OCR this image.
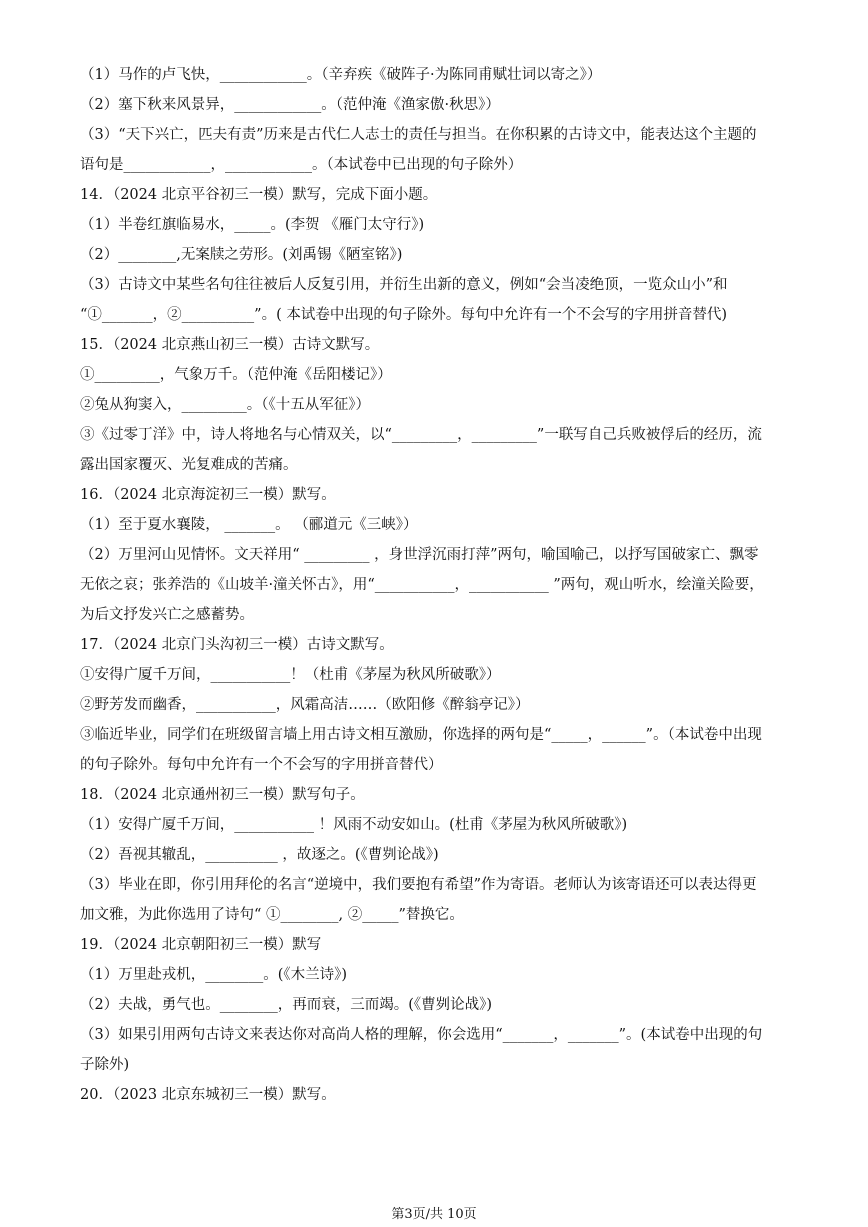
（1）马作的卢飞快，____________。（辛弃疾《破阵子·为陈同甫赋壮词以寄之》）
（2）塞下秋来风景异，____________。（范仲淹《渔家傲·秋思》）
（3）“天下兴亡，匹夫有责”历来是古代仁人志士的责任与担当。在你积累的古诗文中，能表达这个主题的
语句是____________，____________。（本试卷中已出现的句子除外）
14．（2024 北京平谷初三一模）默写，完成下面小题。
（1）半卷红旗临易水，_____。(李贺 《雁门太守行》)
（2）________,无案牍之劳形。(刘禹锡《陋室铭》)
（3）古诗文中某些名句往往被后人反复引用，并衍生出新的意义，例如“会当凌绝顶，一览众山小”和
“①_______，②__________”。( 本试卷中出现的句子除外。每句中允许有一个不会写的字用拼音替代)
15．（2024 北京燕山初三一模）古诗文默写。
①_________，气象万千。（范仲淹《岳阳楼记》）
②兔从狗窦入，_________。（《十五从军征》）
③《过零丁洋》中，诗人将地名与心情双关，以“_________，_________”一联写自己兵败被俘后的经历，流
露出国家覆灭、光复难成的苦痛。
16．（2024 北京海淀初三一模）默写。
（1）至于夏水襄陵， _______。 （郦道元《三峡》）
（2）万里河山见情怀。文天祥用“ _________ ，身世浮沉雨打萍”两句，喻国喻己，以抒写国破家亡、飘零
无依之哀；张养浩的《山坡羊·潼关怀古》，用“___________，___________ ”两句，观山听水，绘潼关险要，
为后文抒发兴亡之感蓄势。
17．（2024 北京门头沟初三一模）古诗文默写。
①安得广厦千万间，___________！（杜甫《茅屋为秋风所破歌》）
②野芳发而幽香，___________，风霜高洁……（欧阳修《醉翁亭记》）
③临近毕业，同学们在班级留言墙上用古诗文相互激励，你选择的两句是“_____，______”。（本试卷中出现
的句子除外。每句中允许有一个不会写的字用拼音替代）
18．（2024 北京通州初三一模）默写句子。
（1）安得广厦千万间，___________ ！风雨不动安如山。(杜甫《茅屋为秋风所破歌》)
（2）吾视其辙乱，__________ ，故逐之。(《曹刿论战》)
（3）毕业在即，你引用拜伦的名言“逆境中，我们要抱有希望”作为寄语。老师认为该寄语还可以表达得更
加文雅，为此你选用了诗句“ ①________, ②_____”替换它。
19．（2024 北京朝阳初三一模）默写
（1）万里赴戎机，________。(《木兰诗》)
（2）夫战，勇气也。________，再而衰，三而竭。(《曹刿论战》)
（3）如果引用两句古诗文来表达你对高尚人格的理解，你会选用“_______，_______”。(本试卷中出现的句
子除外)
20．（2023 北京东城初三一模）默写。
第3页/共 10页
